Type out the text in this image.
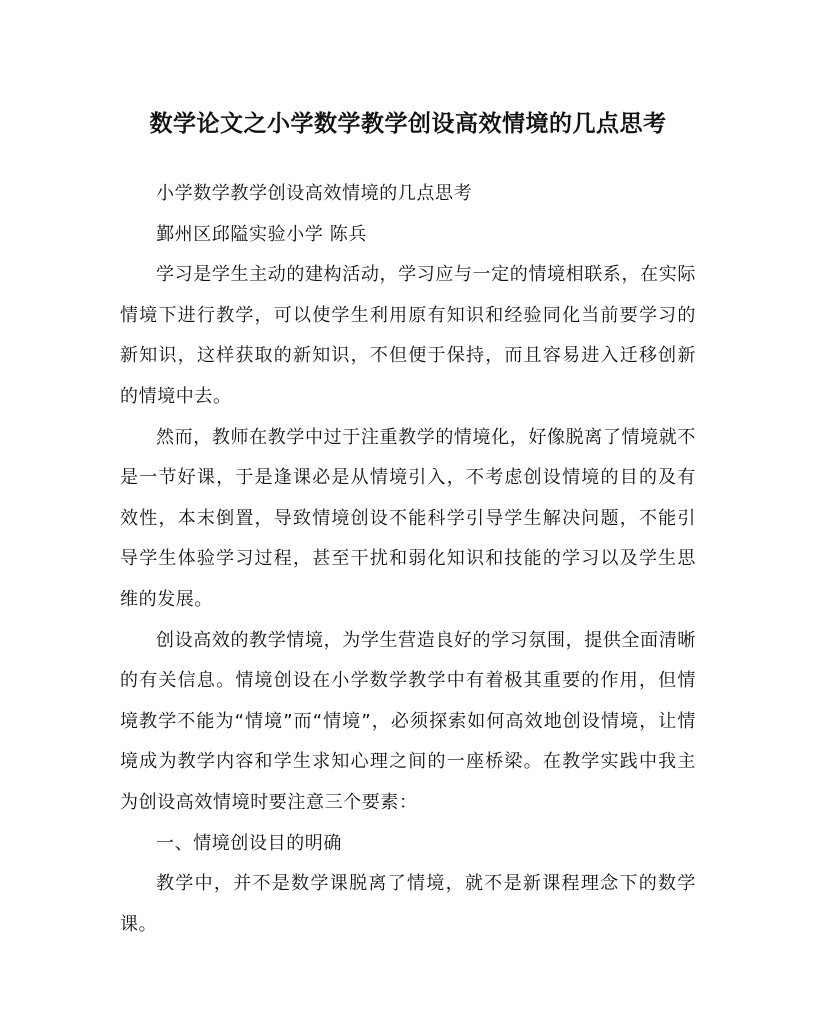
数学论文之小学数学教学创设高效情境的几点思考

小学数学教学创设高效情境的几点思考

鄞州区邱隘实验小学 陈兵

学习是学生主动的建构活动，学习应与一定的情境相联系，在实际情境下进行教学，可以使学生利用原有知识和经验同化当前要学习的新知识，这样获取的新知识，不但便于保持，而且容易进入迁移创新的情境中去。

然而，教师在教学中过于注重教学的情境化，好像脱离了情境就不是一节好课，于是逢课必是从情境引入，不考虑创设情境的目的及有效性，本末倒置，导致情境创设不能科学引导学生解决问题，不能引导学生体验学习过程，甚至干扰和弱化知识和技能的学习以及学生思维的发展。

创设高效的教学情境，为学生营造良好的学习氛围，提供全面清晰的有关信息。情境创设在小学数学教学中有着极其重要的作用，但情境教学不能为“情境”而“情境”，必须探索如何高效地创设情境，让情境成为教学内容和学生求知心理之间的一座桥梁。在教学实践中我主为创设高效情境时要注意三个要素：

一、情境创设目的明确

教学中，并不是数学课脱离了情境，就不是新课程理念下的数学课。
